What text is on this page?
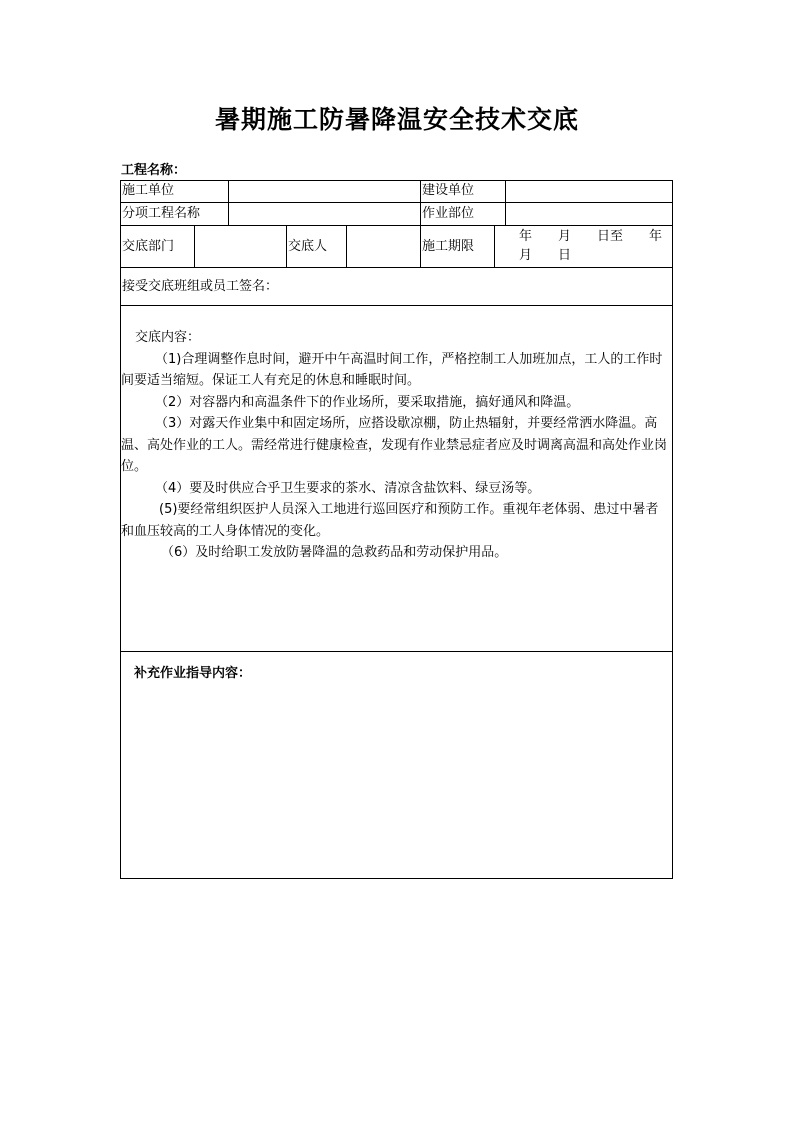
暑期施工防暑降温安全技术交底
工程名称：
施工单位	建设单位
分项工程名称	作业部位
交底部门	交底人	施工期限
年　　月　　日至　　年
月　　日
接受交底班组或员工签名：

交底内容：

（1)合理调整作息时间，避开中午高温时间工作，严格控制工人加班加点，工人的工作时间要适当缩短。保证工人有充足的休息和睡眠时间。

（2）对容器内和高温条件下的作业场所，要采取措施，搞好通风和降温。

（3）对露天作业集中和固定场所，应搭设歇凉棚，防止热辐射，并要经常洒水降温。高温、高处作业的工人。需经常进行健康检查，发现有作业禁忌症者应及时调离高温和高处作业岗位。

（4）要及时供应合乎卫生要求的茶水、清凉含盐饮料、绿豆汤等。

(5)要经常组织医护人员深入工地进行巡回医疗和预防工作。重视年老体弱、患过中暑者和血压较高的工人身体情况的变化。

（6）及时给职工发放防暑降温的急救药品和劳动保护用品。

补充作业指导内容：
